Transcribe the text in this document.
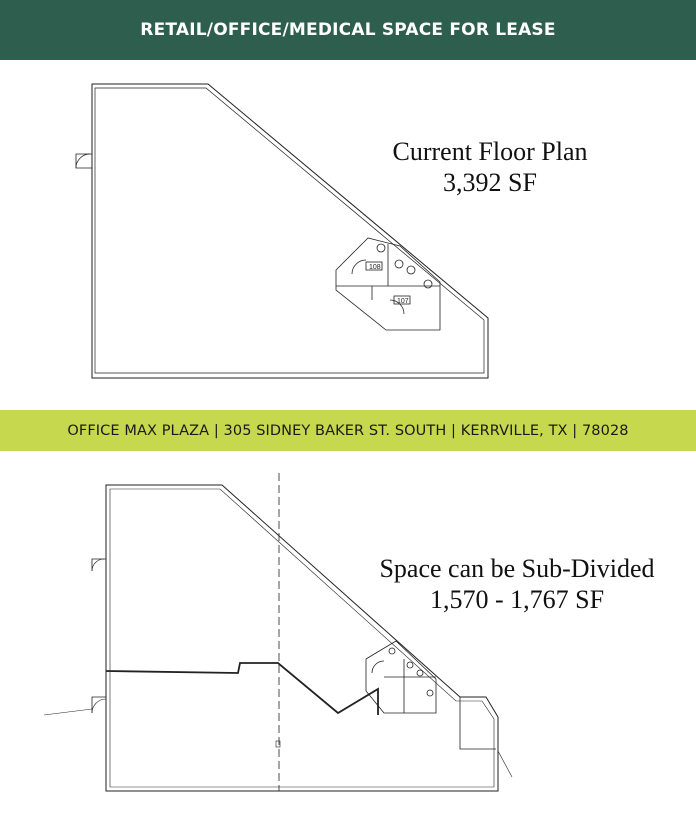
RETAIL/OFFICE/MEDICAL SPACE FOR LEASE
108
107
Current Floor Plan
3,392 SF
OFFICE MAX PLAZA | 305 SIDNEY BAKER ST. SOUTH | KERRVILLE, TX | 78028
Space can be Sub-Divided
1,570 - 1,767 SF
